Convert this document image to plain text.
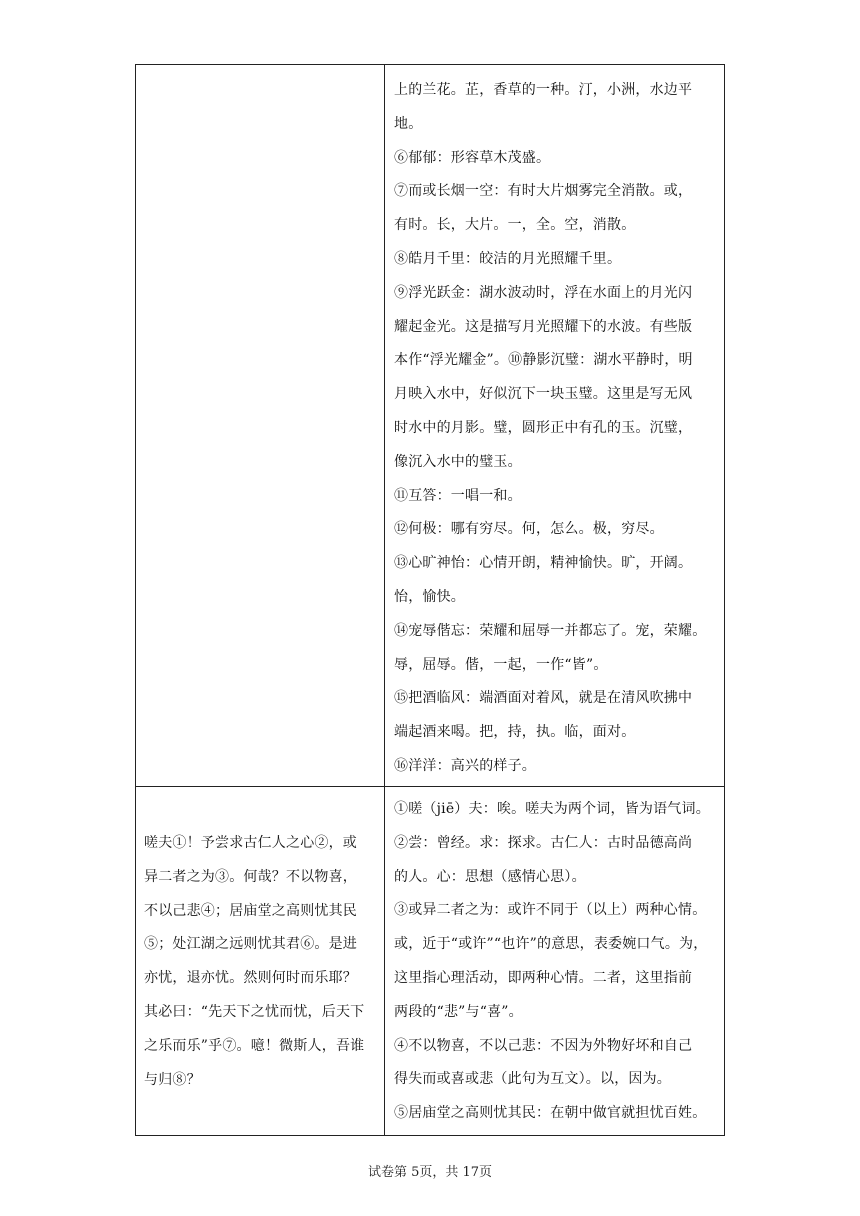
上的兰花。芷，香草的一种。汀，小洲，水边平
地。
⑥郁郁：形容草木茂盛。
⑦而或长烟一空：有时大片烟雾完全消散。或，
有时。长，大片。一，全。空，消散。
⑧皓月千里：皎洁的月光照耀千里。
⑨浮光跃金：湖水波动时，浮在水面上的月光闪
耀起金光。这是描写月光照耀下的水波。有些版
本作“浮光耀金”。⑩静影沉璧：湖水平静时，明
月映入水中，好似沉下一块玉璧。这里是写无风
时水中的月影。璧，圆形正中有孔的玉。沉璧，
像沉入水中的璧玉。
⑪互答：一唱一和。
⑫何极：哪有穷尽。何，怎么。极，穷尽。
⑬心旷神怡：心情开朗，精神愉快。旷，开阔。
怡，愉快。
⑭宠辱偕忘：荣耀和屈辱一并都忘了。宠，荣耀。
辱，屈辱。偕，一起，一作“皆”。
⑮把酒临风：端酒面对着风，就是在清风吹拂中
端起酒来喝。把，持，执。临，面对。
⑯洋洋：高兴的样子。
嗟夫①！予尝求古仁人之心②，或
异二者之为③。何哉？不以物喜，
不以己悲④；居庙堂之高则忧其民
⑤；处江湖之远则忧其君⑥。是进
亦忧，退亦忧。然则何时而乐耶？
其必曰：“先天下之忧而忧，后天下
之乐而乐”乎⑦。噫！微斯人，吾谁
与归⑧？
①嗟（jiē）夫：唉。嗟夫为两个词，皆为语气词。
②尝：曾经。求：探求。古仁人：古时品德高尚
的人。心：思想（感情心思）。
③或异二者之为：或许不同于（以上）两种心情。
或，近于“或许”“也许”的意思，表委婉口气。为，
这里指心理活动，即两种心情。二者，这里指前
两段的“悲”与“喜”。
④不以物喜，不以己悲：不因为外物好坏和自己
得失而或喜或悲（此句为互文）。以，因为。
⑤居庙堂之高则忧其民：在朝中做官就担忧百姓。
试卷第 5页，共 17页
